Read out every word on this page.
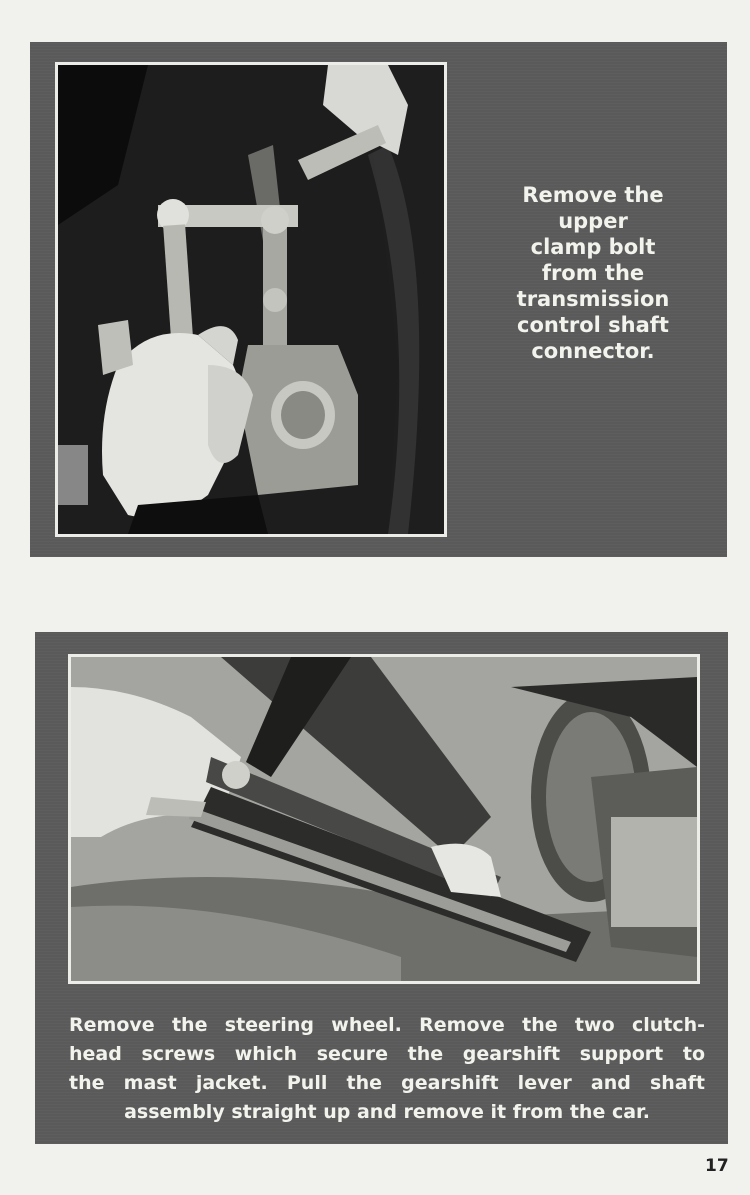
Remove the
upper
clamp bolt
from the
transmission
control shaft
connector.
Remove the steering wheel. Remove the two clutch-
head screws which secure the gearshift support to
the mast jacket. Pull the gearshift lever and shaft
assembly straight up and remove it from the car.
17
